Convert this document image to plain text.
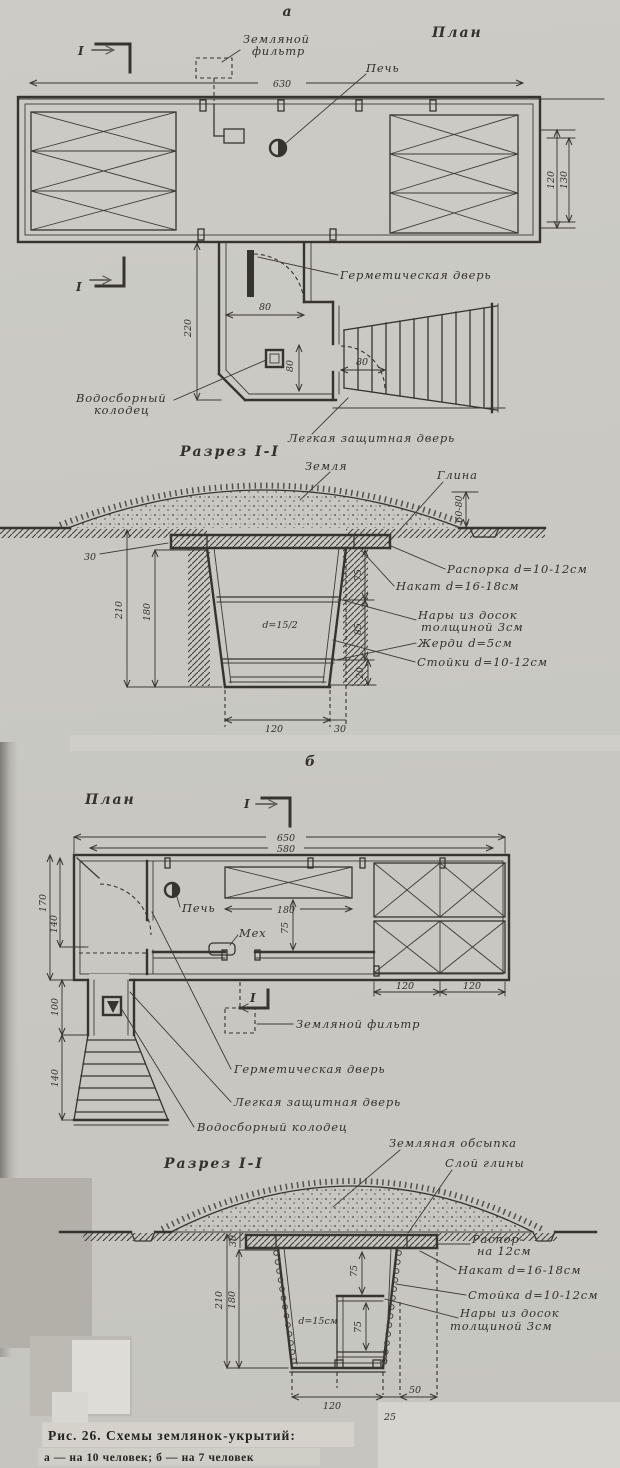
а
План
I
I
Печь
Земляной
фильтр
630
120 130
80
220
80	80
Герметическая дверь
Водосборный
колодец
Легкая защитная дверь
Разрез I-I
Земля
Глина
60-80
30
d=15/2
210 180
75
85
20
Распорка d=10-12см
Накат d=16-18см
Нары из досок
толщиной 3см
Жерди d=5см
Стойки d=10-12см
120	30
б
План	I
650
580
180
Печь
Мех 75
120	120
170
140
100
140
Земляной фильтр
I
Герметическая дверь
Легкая защитная дверь
Водосборный колодец
Разрез I-I
Земляная обсыпка
Слой глины
30
75
75
d=15см
210 180
120
25
50
Распор-
на 12см
Накат d=16-18см
Стойка d=10-12см
Нары из досок
толщиной 3см
Рис. 26. Схемы землянок-укрытий:
а — на 10 человек; б — на 7 человек
